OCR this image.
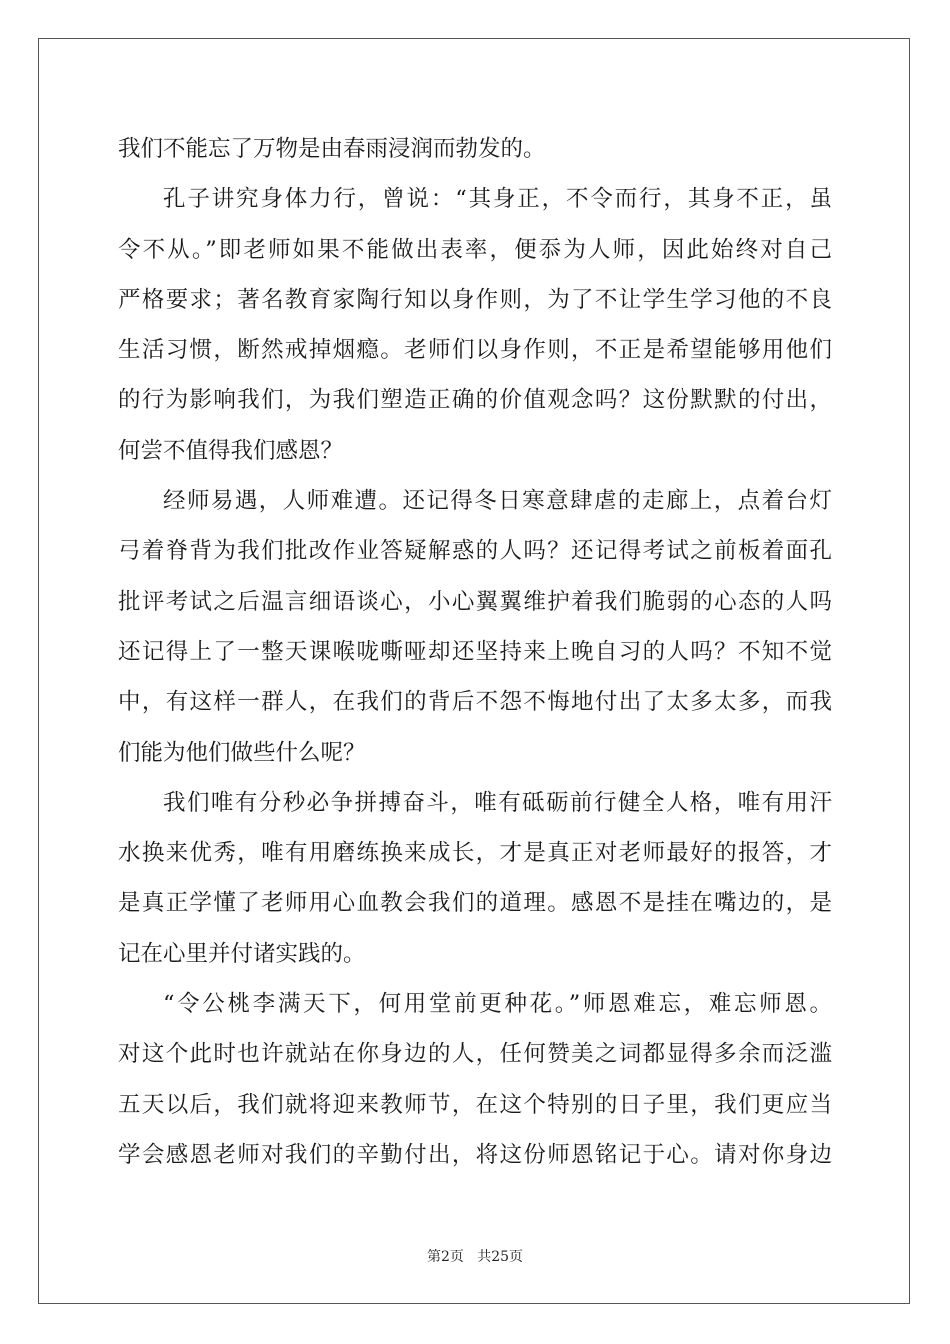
我们不能忘了万物是由春雨浸润而勃发的。
孔子讲究身体力行，曾说：“其身正，不令而行，其身不正，虽
令不从。”即老师如果不能做出表率，便忝为人师，因此始终对自己
严格要求；著名教育家陶行知以身作则，为了不让学生学习他的不良
生活习惯，断然戒掉烟瘾。老师们以身作则，不正是希望能够用他们
的行为影响我们，为我们塑造正确的价值观念吗？这份默默的付出，
何尝不值得我们感恩？
经师易遇，人师难遭。还记得冬日寒意肆虐的走廊上，点着台灯
弓着脊背为我们批改作业答疑解惑的人吗？还记得考试之前板着面孔
批评考试之后温言细语谈心，小心翼翼维护着我们脆弱的心态的人吗
还记得上了一整天课喉咙嘶哑却还坚持来上晚自习的人吗？不知不觉
中，有这样一群人，在我们的背后不怨不悔地付出了太多太多，而我
们能为他们做些什么呢？
我们唯有分秒必争拼搏奋斗，唯有砥砺前行健全人格，唯有用汗
水换来优秀，唯有用磨练换来成长，才是真正对老师最好的报答，才
是真正学懂了老师用心血教会我们的道理。感恩不是挂在嘴边的，是
记在心里并付诸实践的。
“令公桃李满天下，何用堂前更种花。”师恩难忘，难忘师恩。
对这个此时也许就站在你身边的人，任何赞美之词都显得多余而泛滥
五天以后，我们就将迎来教师节，在这个特别的日子里，我们更应当
学会感恩老师对我们的辛勤付出，将这份师恩铭记于心。请对你身边
第2页   共25页
